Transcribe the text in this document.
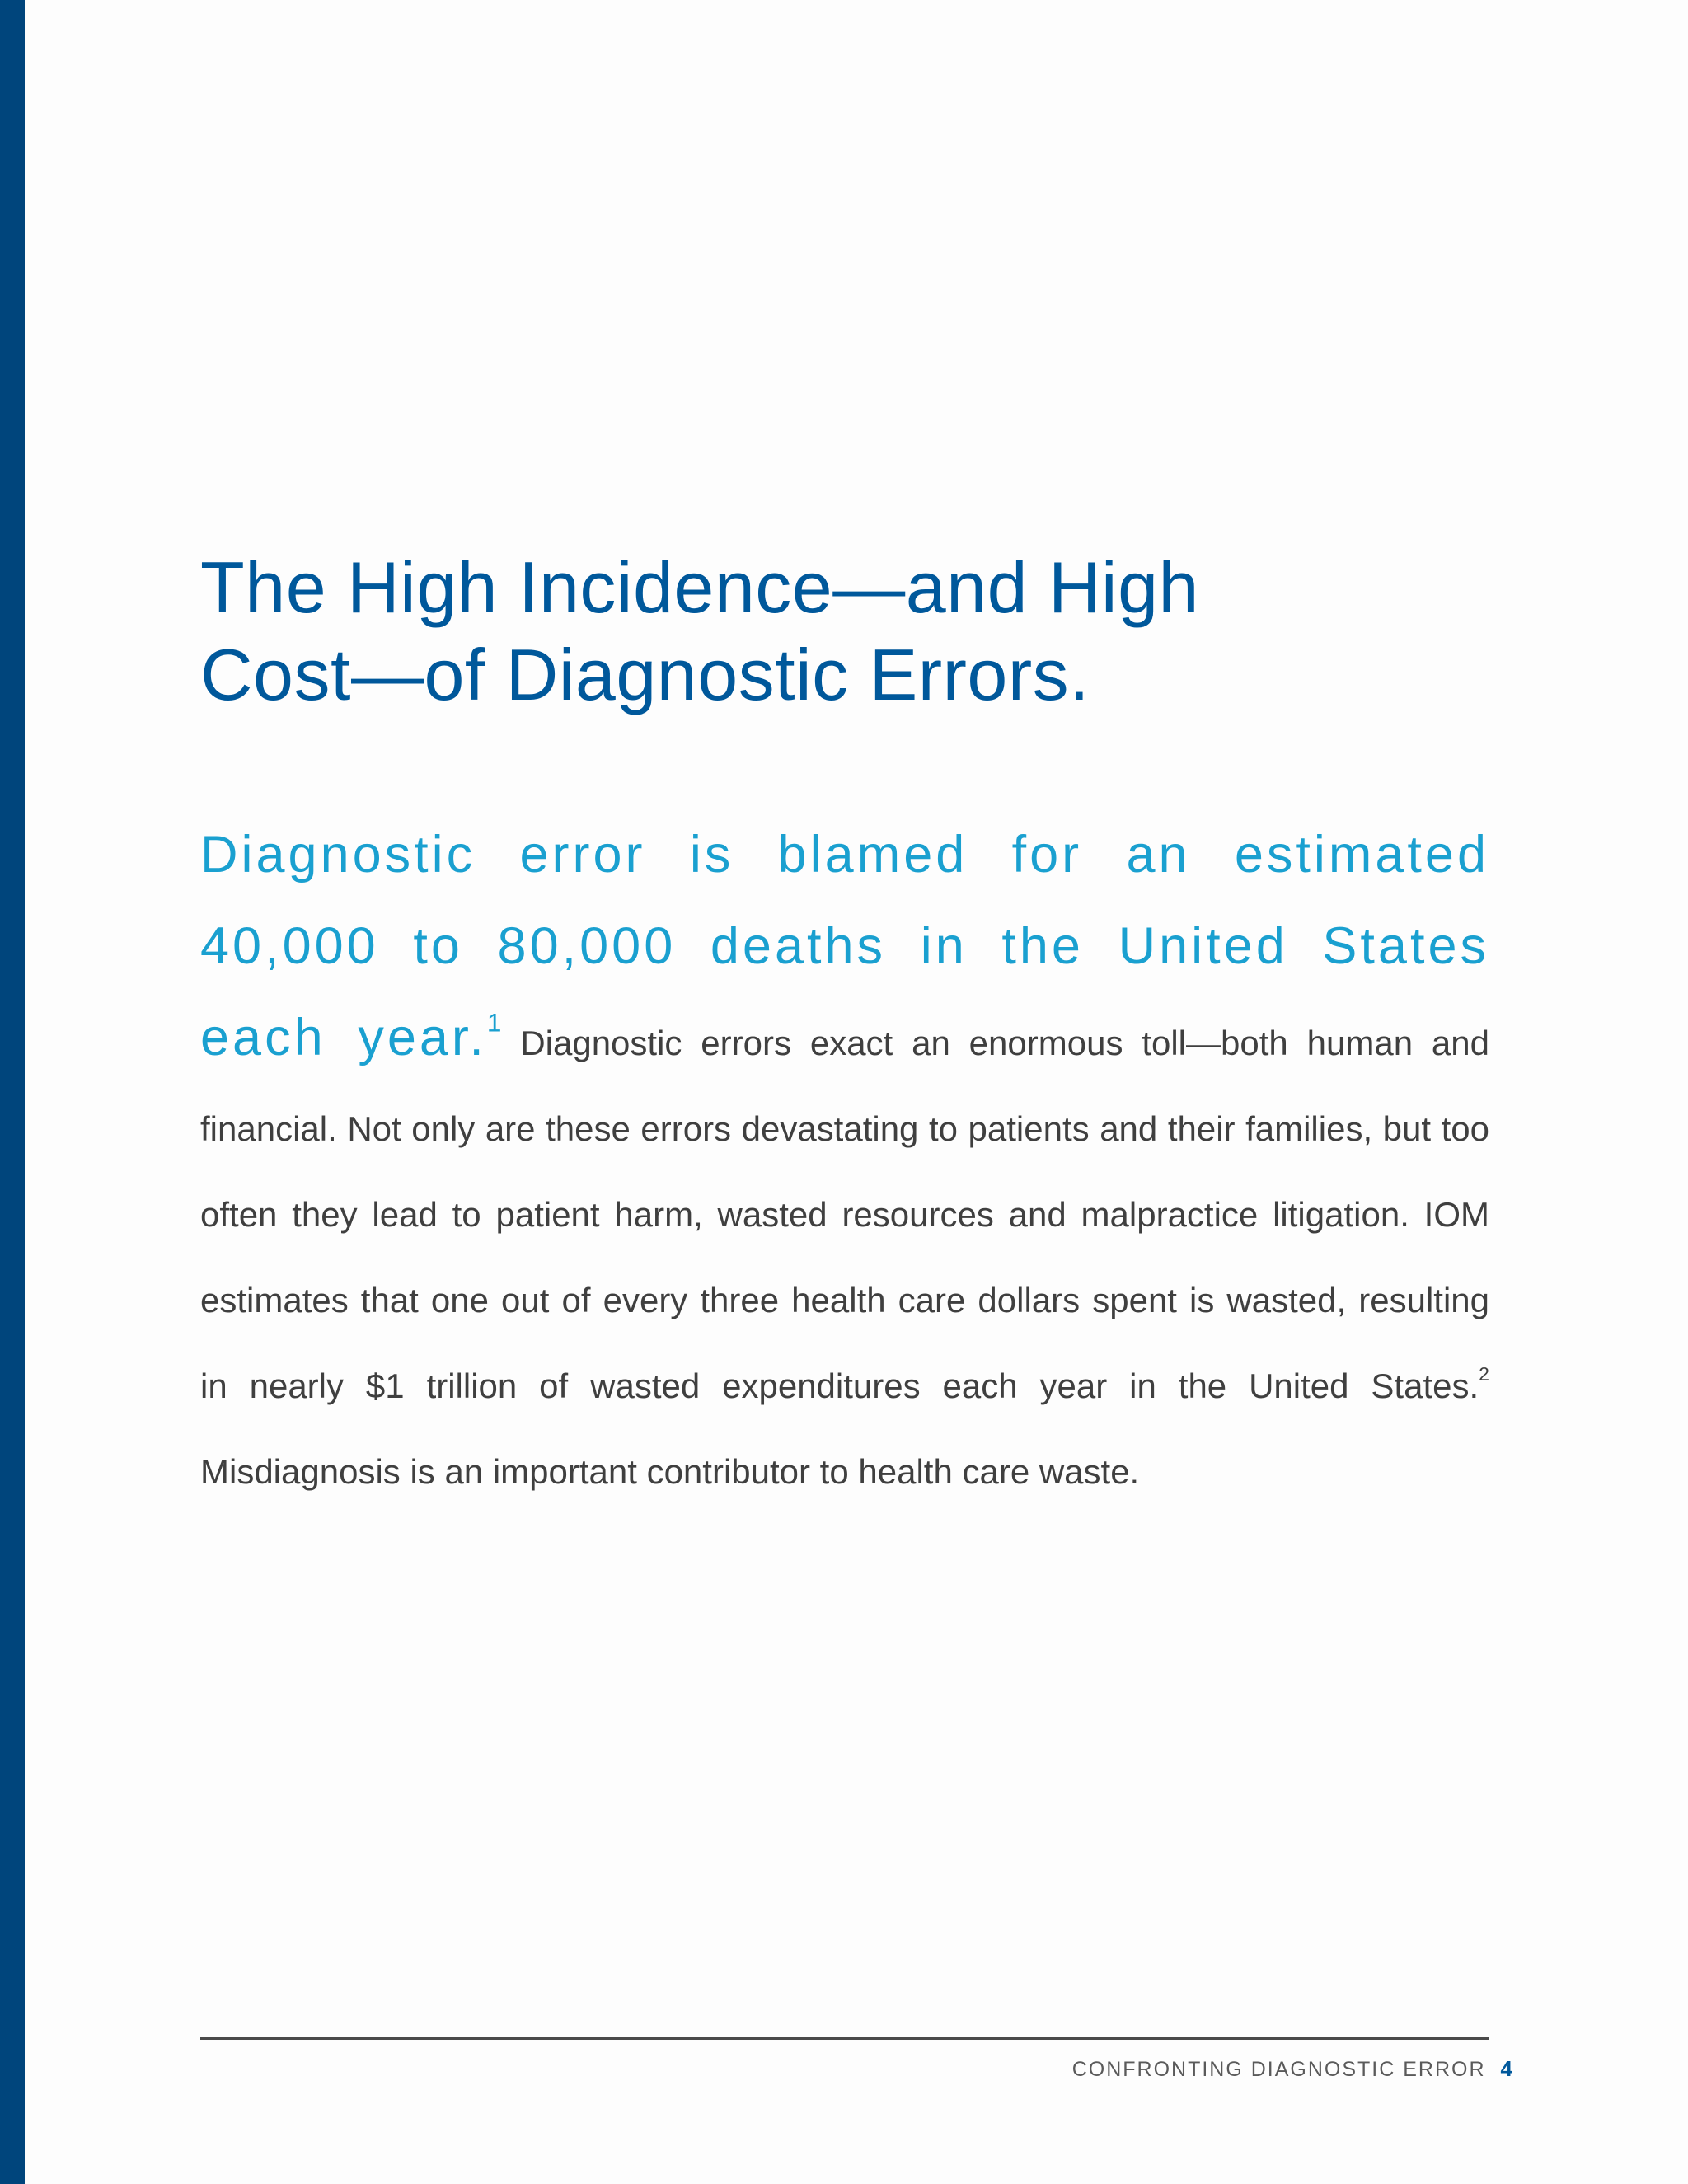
The High Incidence—and High
Cost—of Diagnostic Errors.

Diagnostic error is blamed for an estimated 40,000 to 80,000 deaths in the United States each year.$^1$ Diagnostic errors exact an enormous toll—both human and financial. Not only are these errors devastating to patients and their families, but too often they lead to patient harm, wasted resources and malpractice litigation. IOM estimates that one out of every three health care dollars spent is wasted, resulting in nearly $1 trillion of wasted expenditures each year in the United States.$^2$ Misdiagnosis is an important contributor to health care waste.

CONFRONTING DIAGNOSTIC ERROR 4
